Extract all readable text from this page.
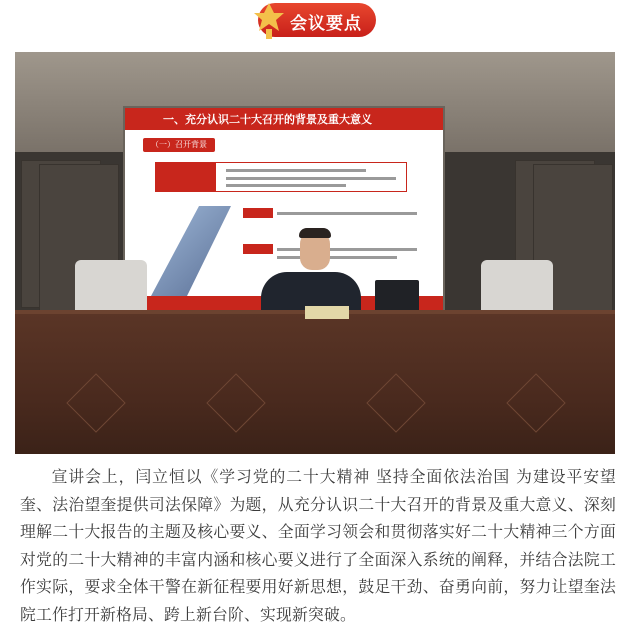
会议要点
一、充分认识二十大召开的背景及重大意义
（一）召开背景

宣讲会上，闫立恒以《学习党的二十大精神 坚持全面依法治国 为建设平安望奎、法治望奎提供司法保障》为题，从充分认识二十大召开的背景及重大意义、深刻理解二十大报告的主题及核心要义、全面学习领会和贯彻落实好二十大精神三个方面对党的二十大精神的丰富内涵和核心要义进行了全面深入系统的阐释，并结合法院工作实际，要求全体干警在新征程要用好新思想，鼓足干劲、奋勇向前，努力让望奎法院工作打开新格局、跨上新台阶、实现新突破。
